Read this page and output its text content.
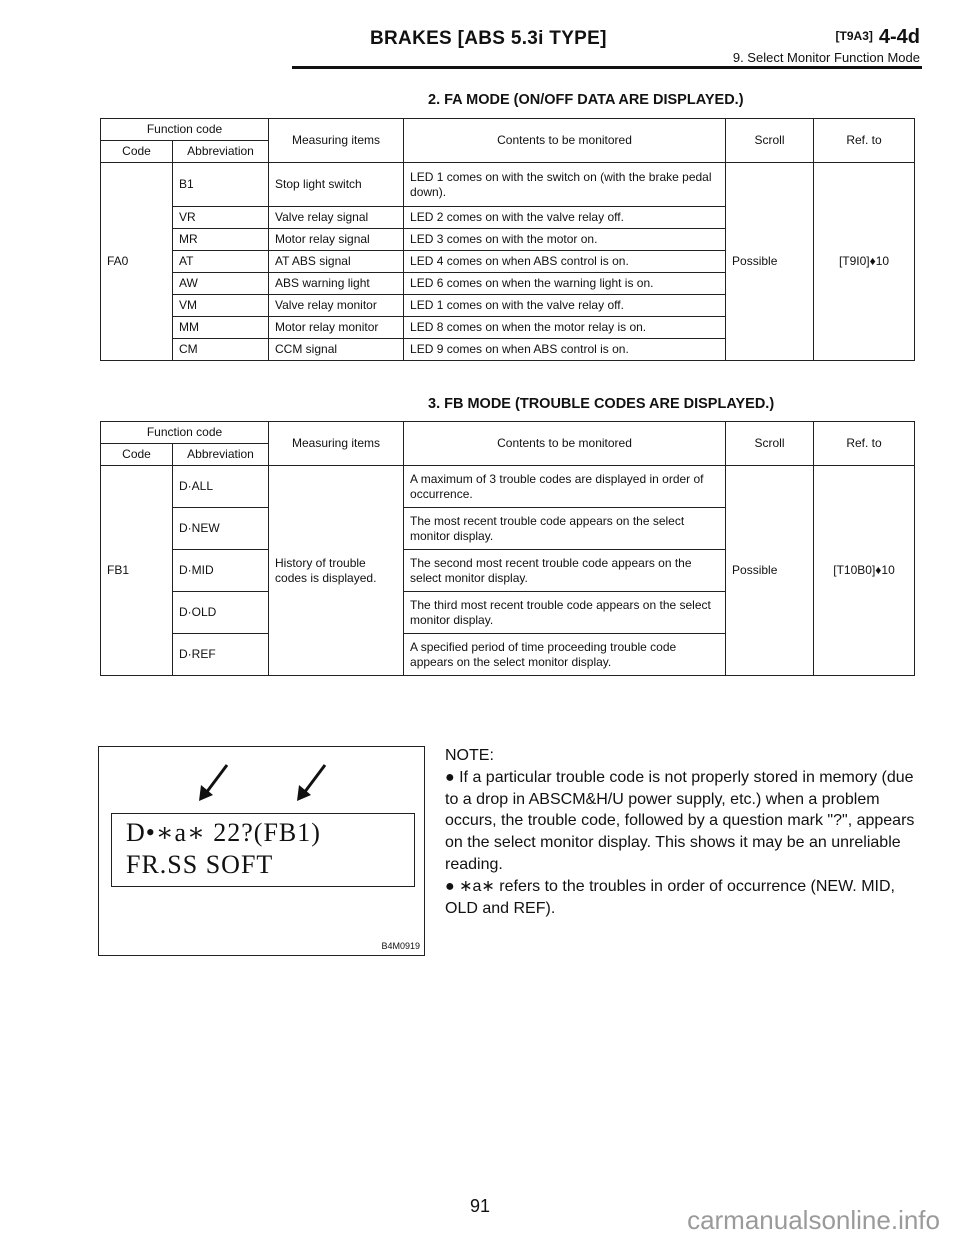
BRAKES [ABS 5.3i TYPE]	[T9A3] 4-4d
9. Select Monitor Function Mode
2. FA MODE (ON/OFF DATA ARE DISPLAYED.)
Function code		Measuring items	Contents to be monitored	Scroll	Ref. to
Code	Abbreviation				
FA0	B1	Stop light switch	LED 1 comes on with the switch on (with the brake pedal down).	Possible	[T9I0]♦10
	VR	Valve relay signal	LED 2 comes on with the valve relay off.		
	MR	Motor relay signal	LED 3 comes on with the motor on.		
	AT	AT ABS signal	LED 4 comes on when ABS control is on.		
	AW	ABS warning light	LED 6 comes on when the warning light is on.		
	VM	Valve relay monitor	LED 1 comes on with the valve relay off.		
	MM	Motor relay monitor	LED 8 comes on when the motor relay is on.		
	CM	CCM signal	LED 9 comes on when ABS control is on.		
3. FB MODE (TROUBLE CODES ARE DISPLAYED.)
Function code		Measuring items	Contents to be monitored	Scroll	Ref. to
Code	Abbreviation				
FB1	D·ALL	History of trouble codes is displayed.	A maximum of 3 trouble codes are displayed in order of occurrence.	Possible	[T10B0]♦10
	D·NEW		The most recent trouble code appears on the select monitor display.		
	D·MID		The second most recent trouble code appears on the select monitor display.		
	D·OLD		The third most recent trouble code appears on the select monitor display.		
	D·REF		A specified period of time proceeding trouble code appears on the select monitor display.		
D•∗a∗ 22?(FB1)
FR.SS SOFT
B4M0919
NOTE:
● If a particular trouble code is not properly stored in memory (due to a drop in ABSCM&H/U power supply, etc.) when a problem occurs, the trouble code, followed by a question mark "?", appears on the select monitor display. This shows it may be an unreliable reading.
● ∗a∗ refers to the troubles in order of occurrence (NEW. MID, OLD and REF).
91	carmanualsonline.info
